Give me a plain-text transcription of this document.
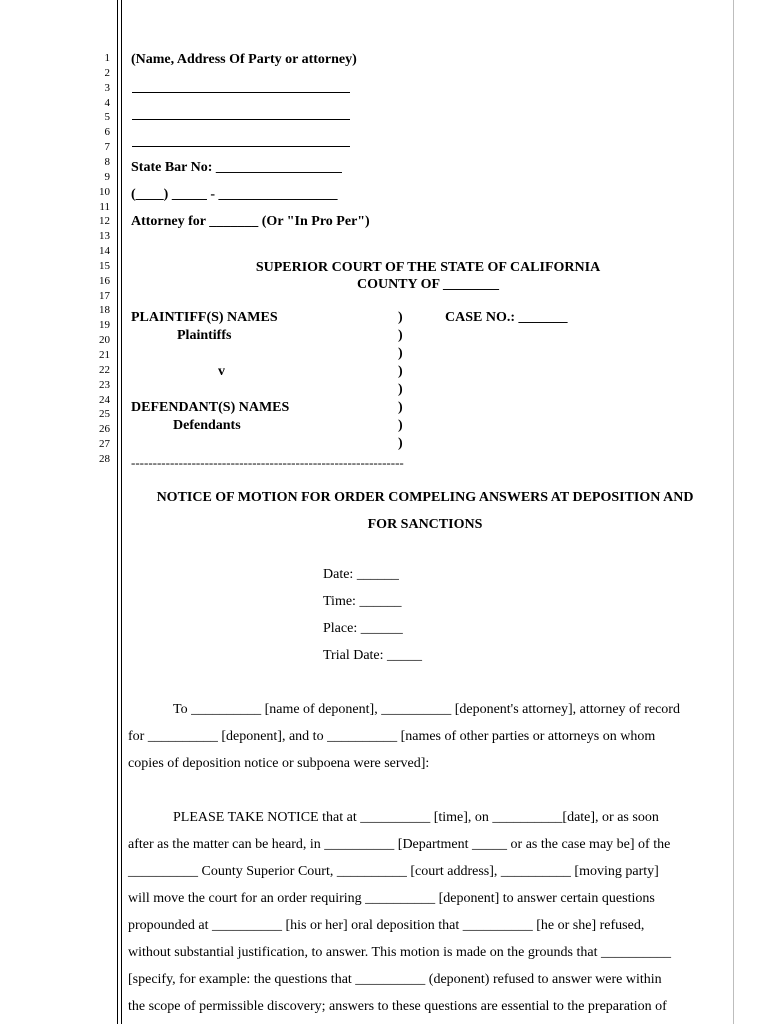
1
2
3
4
5
6
7
8
9
10
11
12
13
14
15
16
17
18
19
20
21
22
23
24
25
26
27
28
(Name, Address Of Party or attorney)
State Bar No: __________________
(____) _____ - _________________
Attorney for _______ (Or "In Pro Per")
SUPERIOR COURT OF THE STATE OF CALIFORNIA
COUNTY OF ________
PLAINTIFF(S) NAMES
Plaintiffs
v
DEFENDANT(S) NAMES
Defendants
CASE NO.: _______
)
)
)
)
)
)
)
)
---------------------------------------------------------------
NOTICE OF MOTION FOR ORDER COMPELING ANSWERS AT DEPOSITION AND
FOR SANCTIONS
Date: ______
Time: ______
Place: ______
Trial Date: _____
To __________ [name of deponent], __________ [deponent's attorney], attorney of record
for __________ [deponent], and to __________ [names of other parties or attorneys on whom
copies of deposition notice or subpoena were served]:
PLEASE TAKE NOTICE that at __________ [time], on __________[date], or as soon
after as the matter can be heard, in __________ [Department _____ or as the case may be] of the
__________ County Superior Court, __________ [court address], __________ [moving party]
will move the court for an order requiring __________ [deponent] to answer certain questions
propounded at __________ [his or her] oral deposition that __________ [he or she] refused,
without substantial justification, to answer. This motion is made on the grounds that __________
[specify, for example: the questions that __________ (deponent) refused to answer were within
the scope of permissible discovery; answers to these questions are essential to the preparation of
